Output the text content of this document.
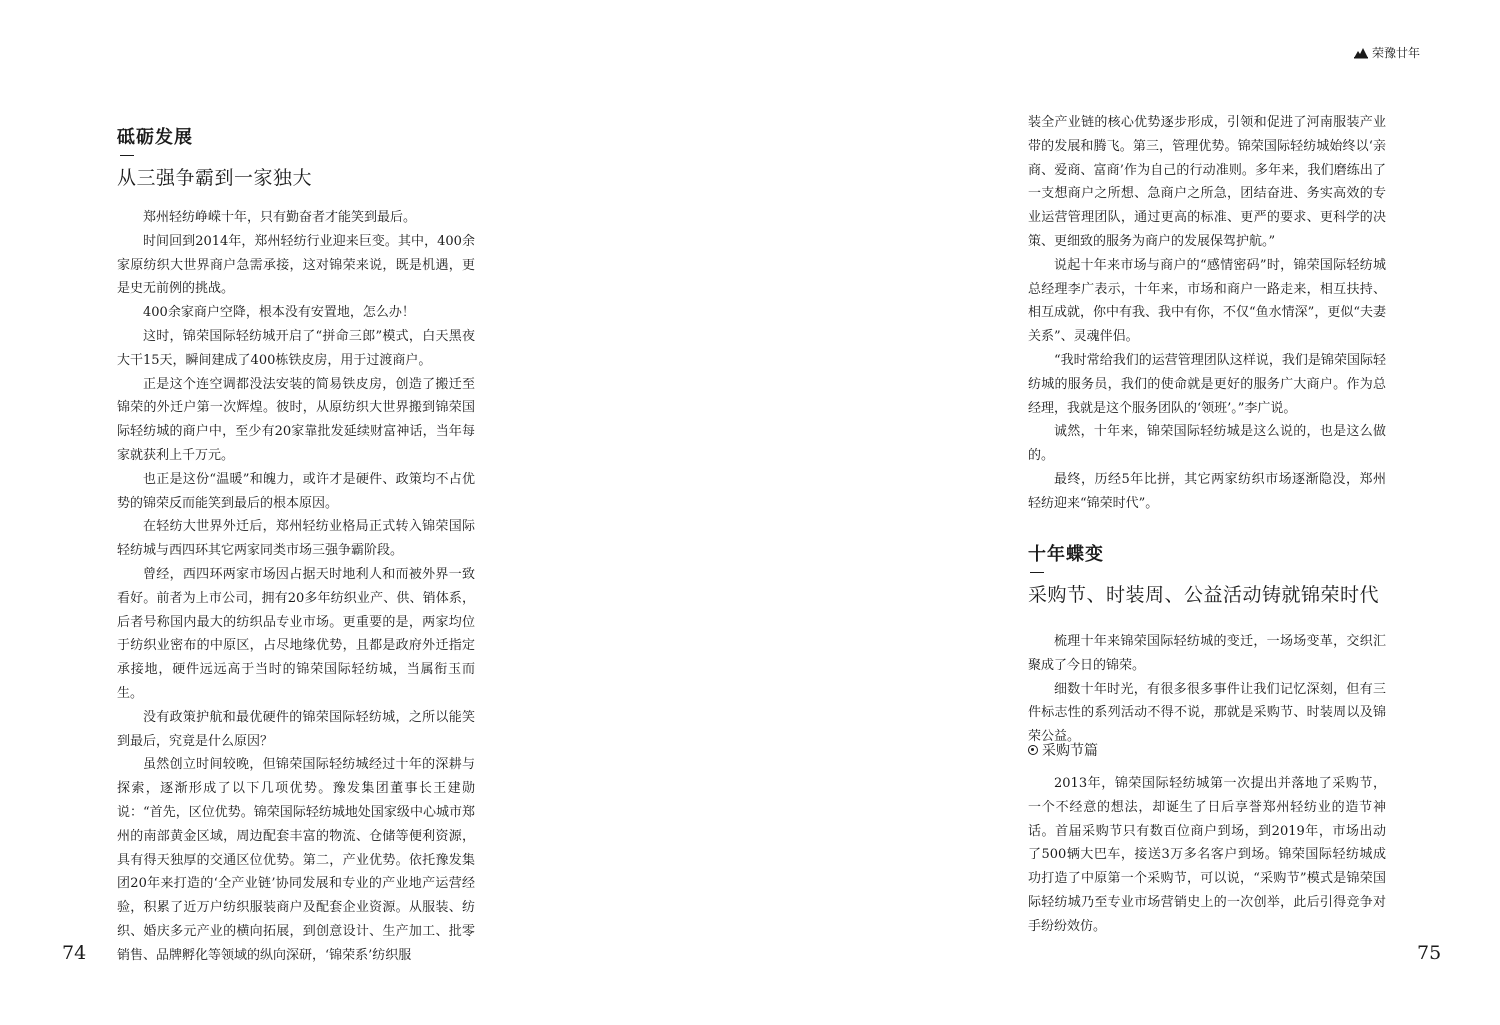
砥砺发展
从三强争霸到一家独大

郑州轻纺峥嵘十年，只有勤奋者才能笑到最后。

时间回到2014年，郑州轻纺行业迎来巨变。其中，400余家原纺织大世界商户急需承接，这对锦荣来说，既是机遇，更是史无前例的挑战。

400余家商户空降，根本没有安置地，怎么办！

这时，锦荣国际轻纺城开启了“拼命三郎”模式，白天黑夜大干15天，瞬间建成了400栋铁皮房，用于过渡商户。

正是这个连空调都没法安装的简易铁皮房，创造了搬迁至锦荣的外迁户第一次辉煌。彼时，从原纺织大世界搬到锦荣国际轻纺城的商户中，至少有20家靠批发延续财富神话，当年每家就获利上千万元。

也正是这份“温暖”和魄力，或许才是硬件、政策均不占优势的锦荣反而能笑到最后的根本原因。

在轻纺大世界外迁后，郑州轻纺业格局正式转入锦荣国际轻纺城与西四环其它两家同类市场三强争霸阶段。

曾经，西四环两家市场因占据天时地利人和而被外界一致看好。前者为上市公司，拥有20多年纺织业产、供、销体系，后者号称国内最大的纺织品专业市场。更重要的是，两家均位于纺织业密布的中原区，占尽地缘优势，且都是政府外迁指定承接地，硬件远远高于当时的锦荣国际轻纺城，当属衔玉而生。

没有政策护航和最优硬件的锦荣国际轻纺城，之所以能笑到最后，究竟是什么原因？

虽然创立时间较晚，但锦荣国际轻纺城经过十年的深耕与探索，逐渐形成了以下几项优势。豫发集团董事长王建勋说：“首先，区位优势。锦荣国际轻纺城地处国家级中心城市郑州的南部黄金区域，周边配套丰富的物流、仓储等便利资源，具有得天独厚的交通区位优势。第二，产业优势。依托豫发集团20年来打造的‘全产业链’协同发展和专业的产业地产运营经验，积累了近万户纺织服装商户及配套企业资源。从服装、纺织、婚庆多元产业的横向拓展，到创意设计、生产加工、批零销售、品牌孵化等领域的纵向深研，‘锦荣系’纺织服

74
荣豫廿年

装全产业链的核心优势逐步形成，引领和促进了河南服装产业带的发展和腾飞。第三，管理优势。锦荣国际轻纺城始终以‘亲商、爱商、富商’作为自己的行动准则。多年来，我们磨练出了一支想商户之所想、急商户之所急，团结奋进、务实高效的专业运营管理团队，通过更高的标准、更严的要求、更科学的决策、更细致的服务为商户的发展保驾护航。”

说起十年来市场与商户的“感情密码”时，锦荣国际轻纺城总经理李广表示，十年来，市场和商户一路走来，相互扶持、相互成就，你中有我、我中有你，不仅“鱼水情深”，更似“夫妻关系”、灵魂伴侣。

“我时常给我们的运营管理团队这样说，我们是锦荣国际轻纺城的服务员，我们的使命就是更好的服务广大商户。作为总经理，我就是这个服务团队的‘领班’。”李广说。

诚然，十年来，锦荣国际轻纺城是这么说的，也是这么做的。

最终，历经5年比拼，其它两家纺织市场逐渐隐没，郑州轻纺迎来“锦荣时代”。

十年蝶变
采购节、时装周、公益活动铸就锦荣时代

梳理十年来锦荣国际轻纺城的变迁，一场场变革，交织汇聚成了今日的锦荣。

细数十年时光，有很多很多事件让我们记忆深刻，但有三件标志性的系列活动不得不说，那就是采购节、时装周以及锦荣公益。

采购节篇

2013年，锦荣国际轻纺城第一次提出并落地了采购节，一个不经意的想法，却诞生了日后享誉郑州轻纺业的造节神话。首届采购节只有数百位商户到场，到2019年，市场出动了500辆大巴车，接送3万多名客户到场。锦荣国际轻纺城成功打造了中原第一个采购节，可以说，“采购节”模式是锦荣国际轻纺城乃至专业市场营销史上的一次创举，此后引得竞争对手纷纷效仿。

75
